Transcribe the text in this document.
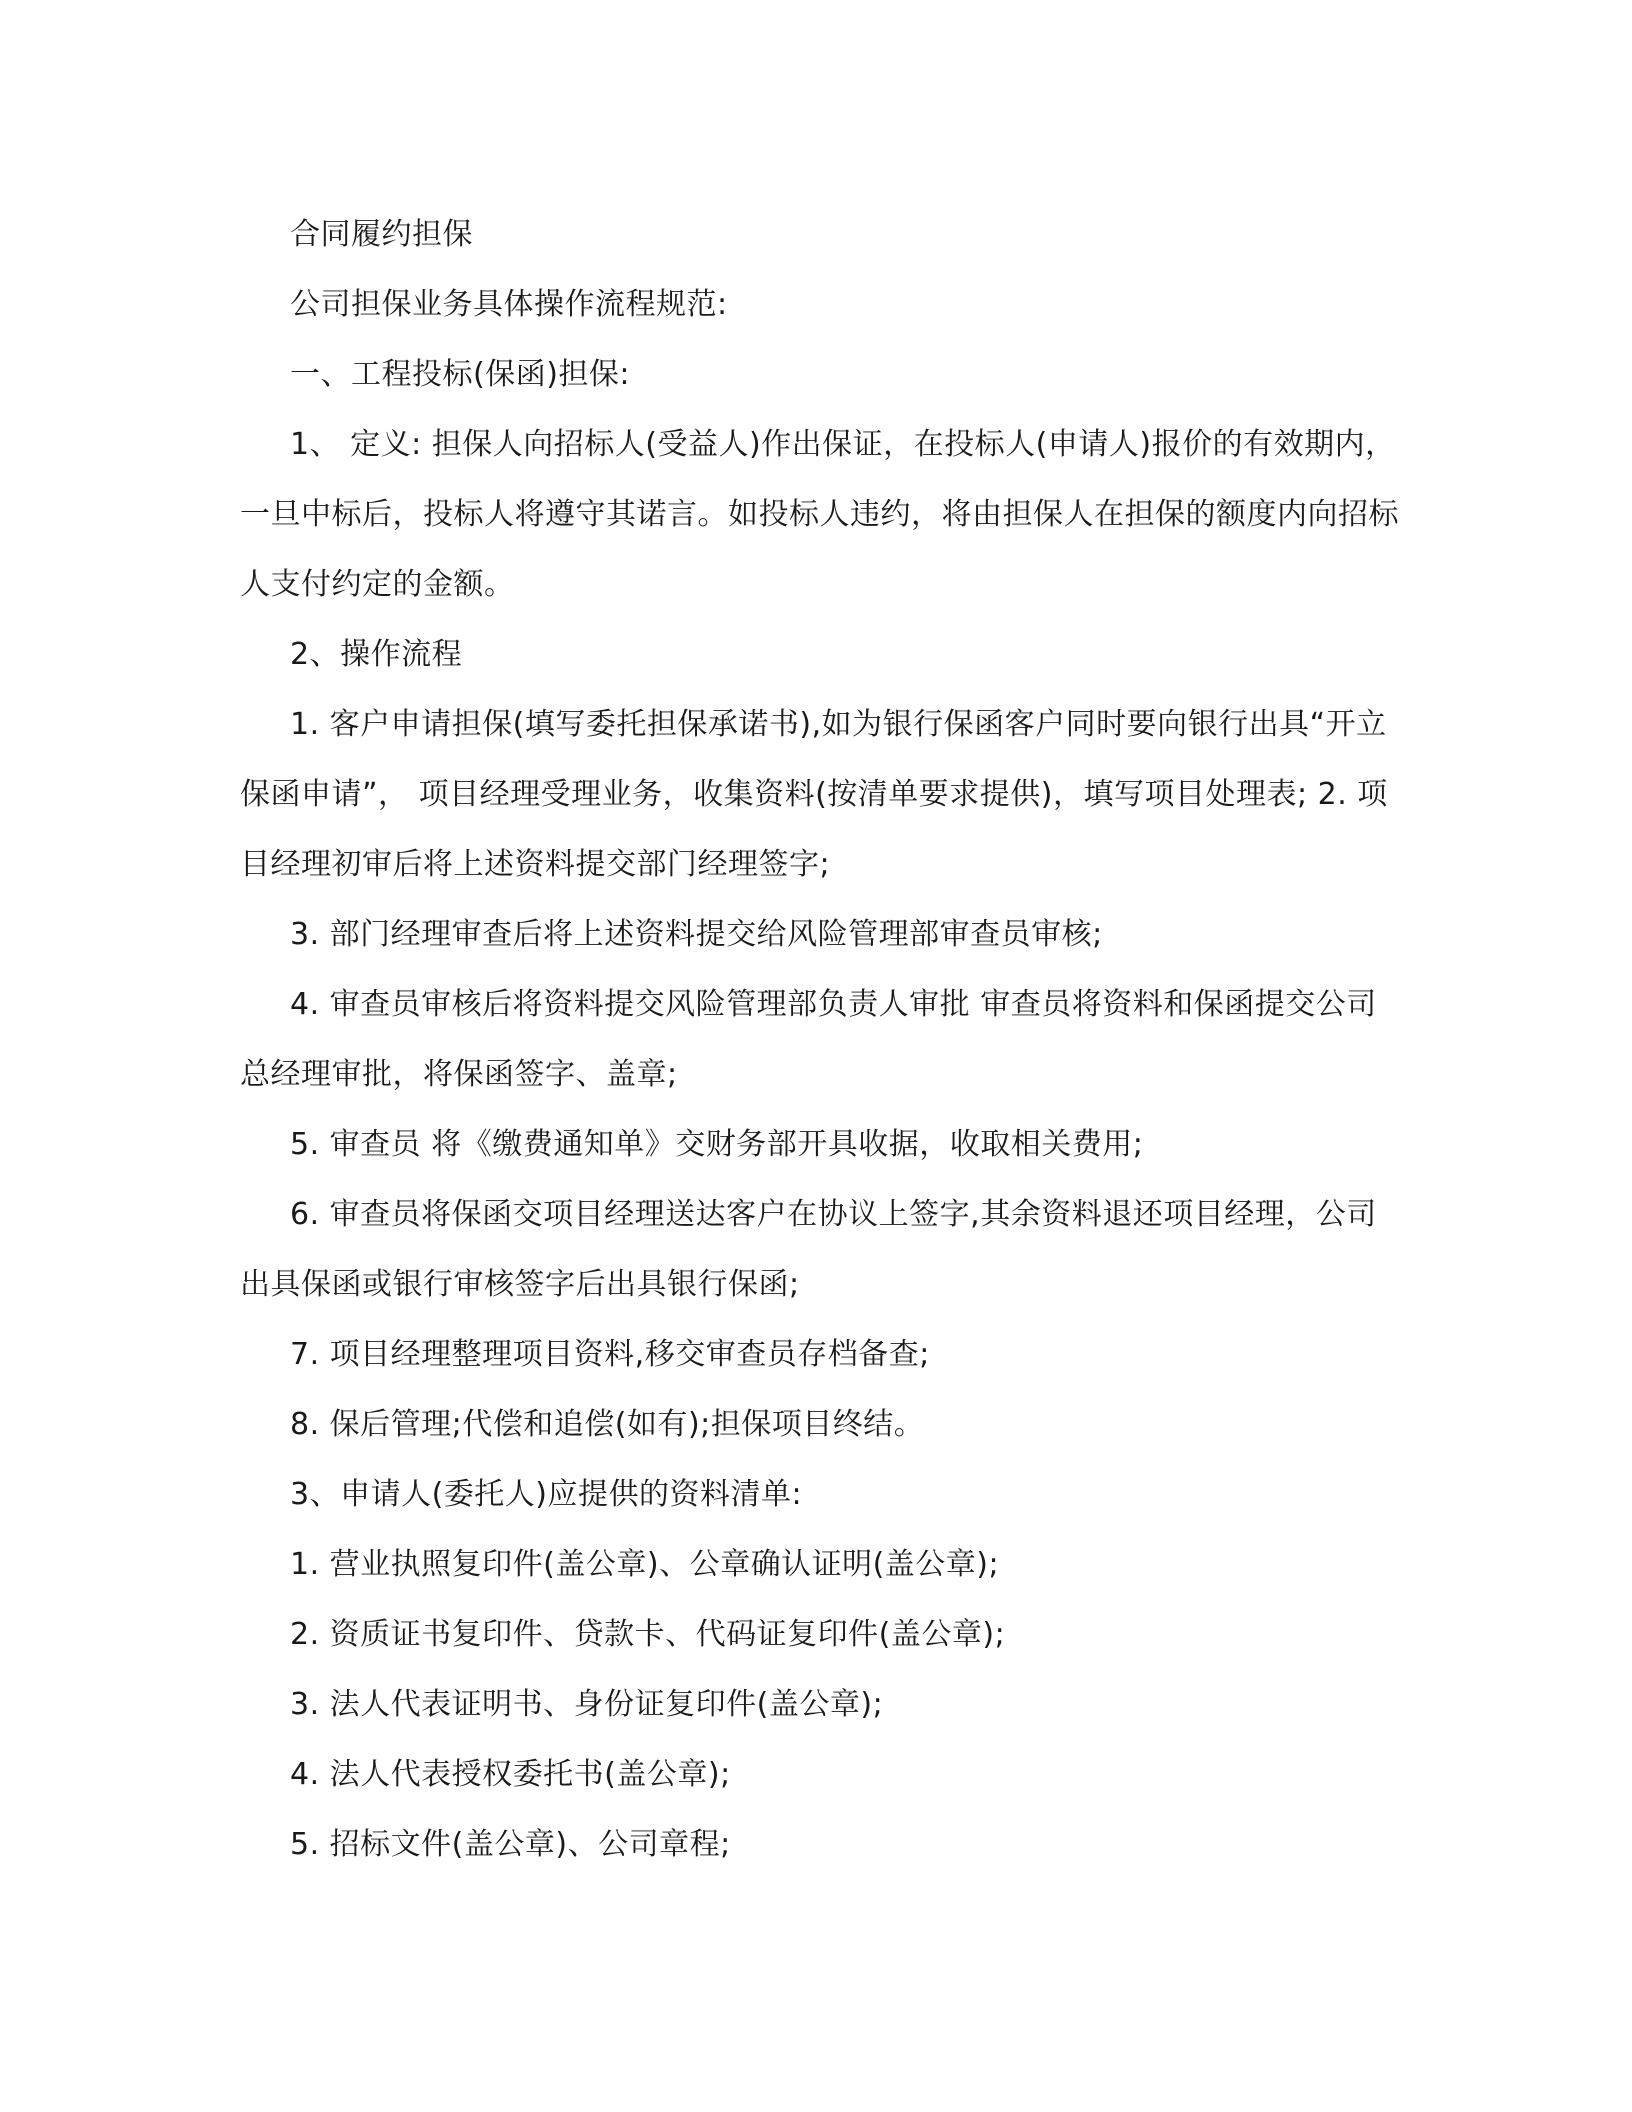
合同履约担保

公司担保业务具体操作流程规范:

一、工程投标(保函)担保:

1、 定义: 担保人向招标人(受益人)作出保证，在投标人(申请人)报价的有效期内，一旦中标后，投标人将遵守其诺言。如投标人违约，将由担保人在担保的额度内向招标人支付约定的金额。

2、操作流程

1. 客户申请担保(填写委托担保承诺书),如为银行保函客户同时要向银行出具“开立保函申请”， 项目经理受理业务，收集资料(按清单要求提供)，填写项目处理表; 2. 项目经理初审后将上述资料提交部门经理签字;

3. 部门经理审查后将上述资料提交给风险管理部审查员审核;

4. 审查员审核后将资料提交风险管理部负责人审批 审查员将资料和保函提交公司总经理审批，将保函签字、盖章;

5. 审查员 将《缴费通知单》交财务部开具收据，收取相关费用;

6. 审查员将保函交项目经理送达客户在协议上签字,其余资料退还项目经理，公司出具保函或银行审核签字后出具银行保函;

7. 项目经理整理项目资料,移交审查员存档备查;

8. 保后管理;代偿和追偿(如有);担保项目终结。

3、申请人(委托人)应提供的资料清单:

1. 营业执照复印件(盖公章)、公章确认证明(盖公章);

2. 资质证书复印件、贷款卡、代码证复印件(盖公章);

3. 法人代表证明书、身份证复印件(盖公章);

4. 法人代表授权委托书(盖公章);

5. 招标文件(盖公章)、公司章程;
